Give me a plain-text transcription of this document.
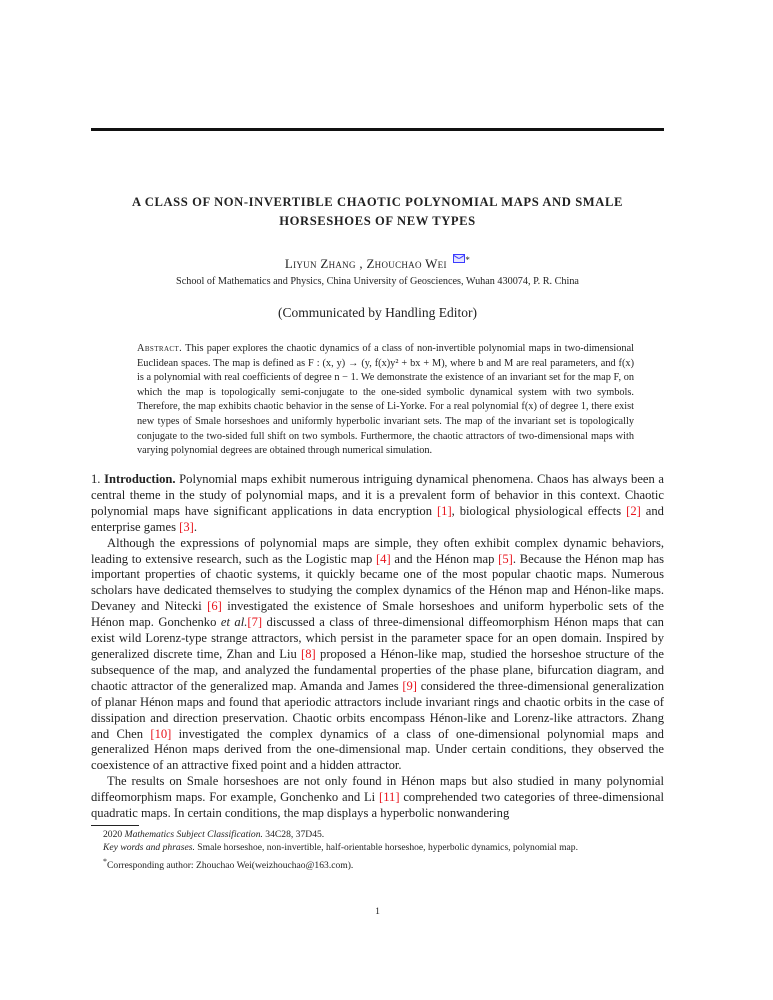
A CLASS OF NON-INVERTIBLE CHAOTIC POLYNOMIAL MAPS AND SMALE
HORSESHOES OF NEW TYPES
Liyun Zhang , Zhouchao Wei *
School of Mathematics and Physics, China University of Geosciences, Wuhan 430074, P. R. China
(Communicated by Handling Editor)
Abstract. This paper explores the chaotic dynamics of a class of non-invertible polynomial maps in two-dimensional Euclidean spaces. The map is defined as F : (x, y) → (y, f(x)y² + bx + M), where b and M are real parameters, and f(x) is a polynomial with real coefficients of degree n − 1. We demonstrate the existence of an invariant set for the map F, on which the map is topologically semi-conjugate to the one-sided symbolic dynamical system with two symbols. Therefore, the map exhibits chaotic behavior in the sense of Li-Yorke. For a real polynomial f(x) of degree 1, there exist new types of Smale horseshoes and uniformly hyperbolic invariant sets. The map of the invariant set is topologically conjugate to the two-sided full shift on two symbols. Furthermore, the chaotic attractors of two-dimensional maps with varying polynomial degrees are obtained through numerical simulation.

1. Introduction. Polynomial maps exhibit numerous intriguing dynamical phenomena. Chaos has always been a central theme in the study of polynomial maps, and it is a prevalent form of behavior in this context. Chaotic polynomial maps have significant applications in data encryption [1], biological physiological effects [2] and enterprise games [3].

Although the expressions of polynomial maps are simple, they often exhibit complex dynamic behaviors, leading to extensive research, such as the Logistic map [4] and the Hénon map [5]. Because the Hénon map has important properties of chaotic systems, it quickly became one of the most popular chaotic maps. Numerous scholars have dedicated themselves to studying the complex dynamics of the Hénon map and Hénon-like maps. Devaney and Nitecki [6] investigated the existence of Smale horseshoes and uniform hyperbolic sets of the Hénon map. Gonchenko et al.[7] discussed a class of three-dimensional diffeomorphism Hénon maps that can exist wild Lorenz-type strange attractors, which persist in the parameter space for an open domain. Inspired by generalized discrete time, Zhan and Liu [8] proposed a Hénon-like map, studied the horseshoe structure of the subsequence of the map, and analyzed the fundamental properties of the phase plane, bifurcation diagram, and chaotic attractor of the generalized map. Amanda and James [9] considered the three-dimensional generalization of planar Hénon maps and found that aperiodic attractors include invariant rings and chaotic orbits in the case of dissipation and direction preservation. Chaotic orbits encompass Hénon-like and Lorenz-like attractors. Zhang and Chen [10] investigated the complex dynamics of a class of one-dimensional polynomial maps and generalized Hénon maps derived from the one-dimensional map. Under certain conditions, they observed the coexistence of an attractive fixed point and a hidden attractor.

The results on Smale horseshoes are not only found in Hénon maps but also studied in many polynomial diffeomorphism maps. For example, Gonchenko and Li [11] comprehended two categories of three-dimensional quadratic maps. In certain conditions, the map displays a hyperbolic nonwandering

2020 Mathematics Subject Classification. 34C28, 37D45.

Key words and phrases. Smale horseshoe, non-invertible, half-orientable horseshoe, hyperbolic dynamics, polynomial map.

*Corresponding author: Zhouchao Wei(weizhouchao@163.com).

1
